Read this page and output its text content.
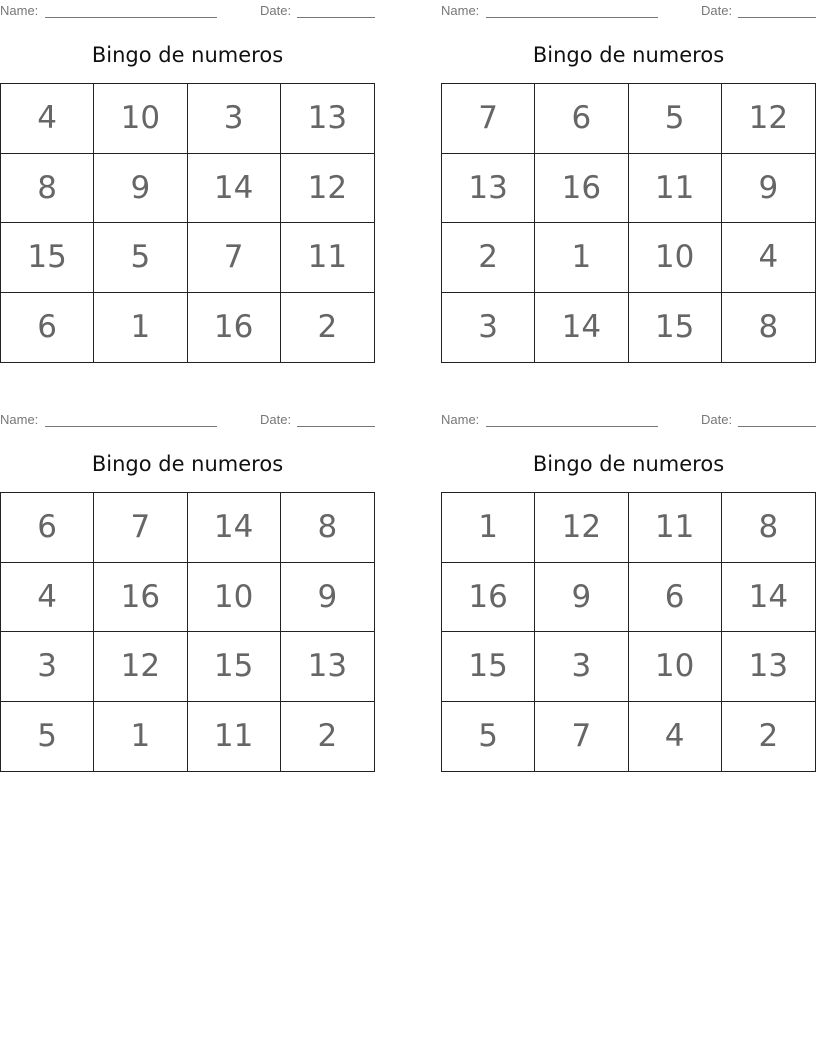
Name:	Date:
Bingo de numeros
4	10	3	13
8	9	14	12
15	5	7	11
6	1	16	2
Name:	Date:
Bingo de numeros
7	6	5	12
13	16	11	9
2	1	10	4
3	14	15	8
Name:	Date:
Bingo de numeros
6	7	14	8
4	16	10	9
3	12	15	13
5	1	11	2
Name:	Date:
Bingo de numeros
1	12	11	8
16	9	6	14
15	3	10	13
5	7	4	2
